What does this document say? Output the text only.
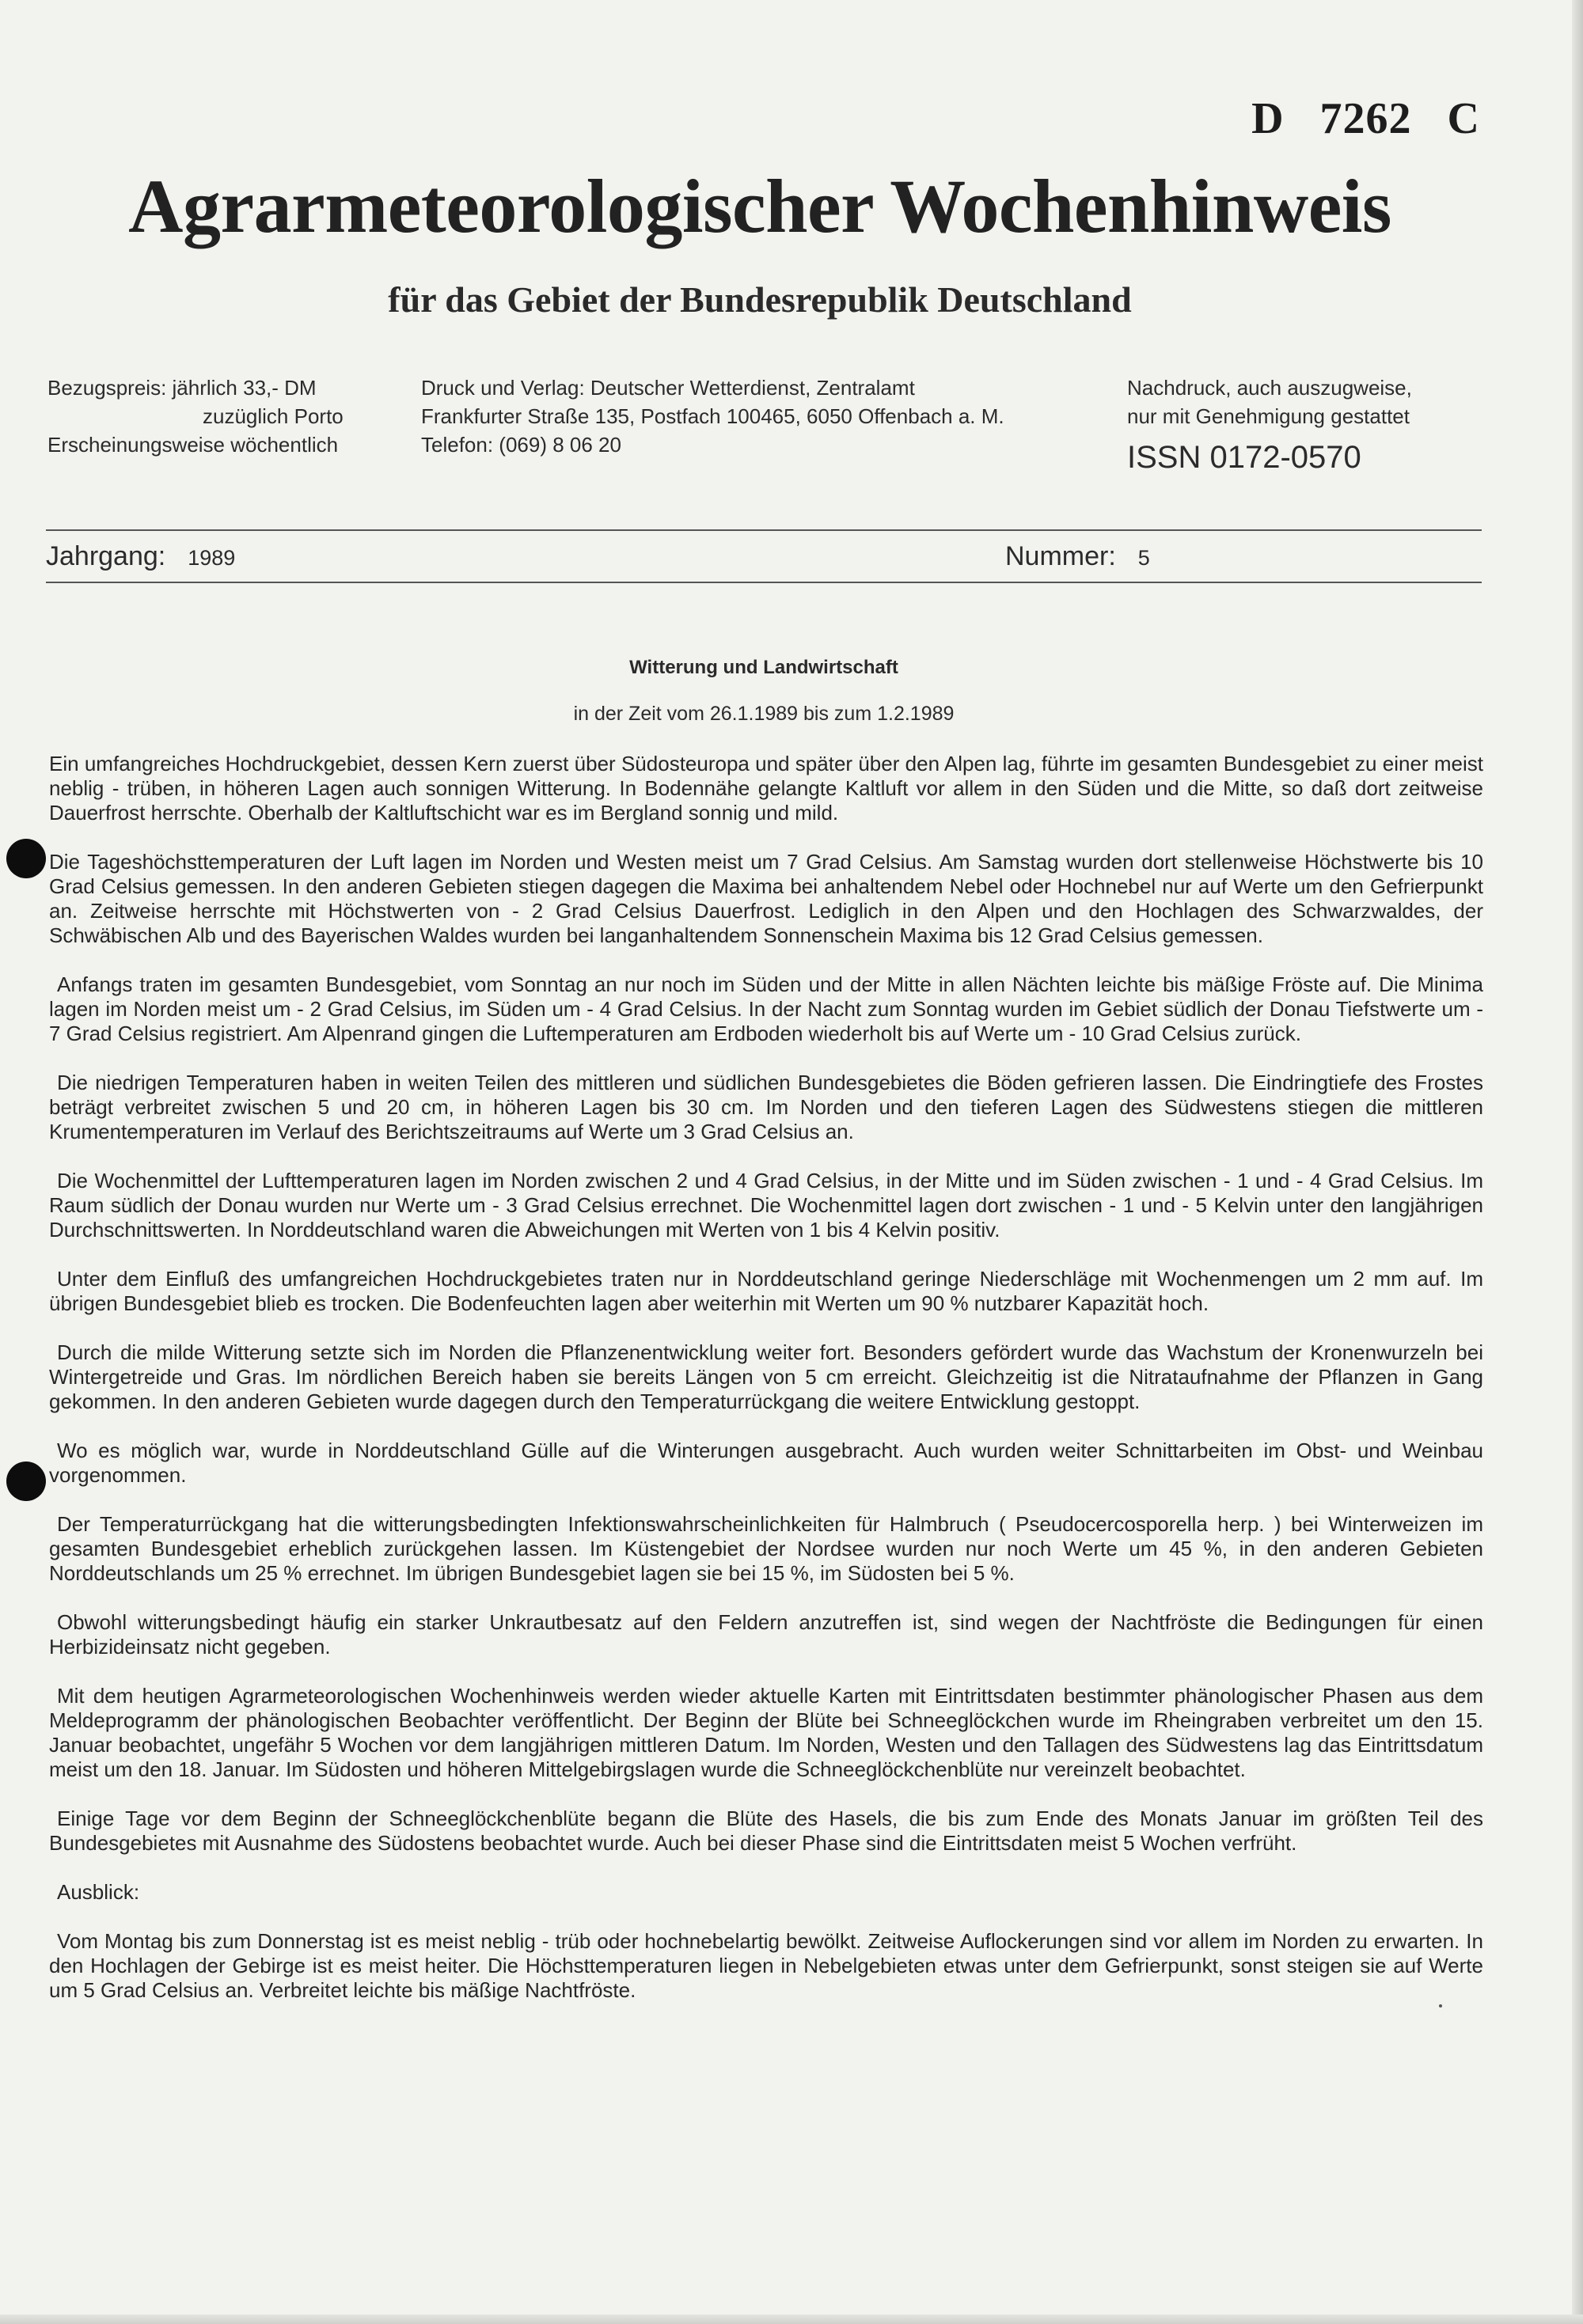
D 7262 C
Agrarmeteorologischer Wochenhinweis
für das Gebiet der Bundesrepublik Deutschland
Bezugspreis: jährlich 33,- DM
zuzüglich Porto
Erscheinungsweise wöchentlich
Druck und Verlag: Deutscher Wetterdienst, Zentralamt
Frankfurter Straße 135, Postfach 100465, 6050 Offenbach a. M.
Telefon: (069) 8 06 20
Nachdruck, auch auszugweise,
nur mit Genehmigung gestattet
ISSN 0172-0570
Jahrgang: 1989	Nummer: 5
Witterung und Landwirtschaft
in der Zeit vom 26.1.1989 bis zum 1.2.1989

Ein umfangreiches Hochdruckgebiet, dessen Kern zuerst über Südosteuropa und später über den Alpen lag, führte im gesamten Bundesgebiet zu einer meist neblig - trüben, in höheren Lagen auch sonnigen Witterung. In Bodennähe gelangte Kaltluft vor allem in den Süden und die Mitte, so daß dort zeitweise Dauerfrost herrschte. Oberhalb der Kaltluftschicht war es im Bergland sonnig und mild.

Die Tageshöchsttemperaturen der Luft lagen im Norden und Westen meist um 7 Grad Celsius. Am Samstag wurden dort stellenweise Höchstwerte bis 10 Grad Celsius gemessen. In den anderen Gebieten stiegen dagegen die Maxima bei anhaltendem Nebel oder Hochnebel nur auf Werte um den Gefrierpunkt an. Zeitweise herrschte mit Höchstwerten von - 2 Grad Celsius Dauerfrost. Lediglich in den Alpen und den Hochlagen des Schwarzwaldes, der Schwäbischen Alb und des Bayerischen Waldes wurden bei langanhaltendem Sonnenschein Maxima bis 12 Grad Celsius gemessen.

Anfangs traten im gesamten Bundesgebiet, vom Sonntag an nur noch im Süden und der Mitte in allen Nächten leichte bis mäßige Fröste auf. Die Minima lagen im Norden meist um - 2 Grad Celsius, im Süden um - 4 Grad Celsius. In der Nacht zum Sonntag wurden im Gebiet südlich der Donau Tiefstwerte um - 7 Grad Celsius registriert. Am Alpenrand gingen die Luftemperaturen am Erdboden wiederholt bis auf Werte um - 10 Grad Celsius zurück.

Die niedrigen Temperaturen haben in weiten Teilen des mittleren und südlichen Bundesgebietes die Böden gefrieren lassen. Die Eindringtiefe des Frostes beträgt verbreitet zwischen 5 und 20 cm, in höheren Lagen bis 30 cm. Im Norden und den tieferen Lagen des Südwestens stiegen die mittleren Krumentemperaturen im Verlauf des Berichtszeitraums auf Werte um 3 Grad Celsius an.

Die Wochenmittel der Lufttemperaturen lagen im Norden zwischen 2 und 4 Grad Celsius, in der Mitte und im Süden zwischen - 1 und - 4 Grad Celsius. Im Raum südlich der Donau wurden nur Werte um - 3 Grad Celsius errechnet. Die Wochenmittel lagen dort zwischen - 1 und - 5 Kelvin unter den langjährigen Durchschnittswerten. In Norddeutschland waren die Abweichungen mit Werten von 1 bis 4 Kelvin positiv.

Unter dem Einfluß des umfangreichen Hochdruckgebietes traten nur in Norddeutschland geringe Niederschläge mit Wochenmengen um 2 mm auf. Im übrigen Bundesgebiet blieb es trocken. Die Bodenfeuchten lagen aber weiterhin mit Werten um 90 % nutzbarer Kapazität hoch.

Durch die milde Witterung setzte sich im Norden die Pflanzenentwicklung weiter fort. Besonders gefördert wurde das Wachstum der Kronenwurzeln bei Wintergetreide und Gras. Im nördlichen Bereich haben sie bereits Längen von 5 cm erreicht. Gleichzeitig ist die Nitrataufnahme der Pflanzen in Gang gekommen. In den anderen Gebieten wurde dagegen durch den Temperaturrückgang die weitere Entwicklung gestoppt.

Wo es möglich war, wurde in Norddeutschland Gülle auf die Winterungen ausgebracht. Auch wurden weiter Schnittarbeiten im Obst- und Weinbau vorgenommen.

Der Temperaturrückgang hat die witterungsbedingten Infektionswahrscheinlichkeiten für Halmbruch ( Pseudocercosporella herp. ) bei Winterweizen im gesamten Bundesgebiet erheblich zurückgehen lassen. Im Küstengebiet der Nordsee wurden nur noch Werte um 45 %, in den anderen Gebieten Norddeutschlands um 25 % errechnet. Im übrigen Bundesgebiet lagen sie bei 15 %, im Südosten bei 5 %.

Obwohl witterungsbedingt häufig ein starker Unkrautbesatz auf den Feldern anzutreffen ist, sind wegen der Nachtfröste die Bedingungen für einen Herbizideinsatz nicht gegeben.

Mit dem heutigen Agrarmeteorologischen Wochenhinweis werden wieder aktuelle Karten mit Eintrittsdaten bestimmter phänologischer Phasen aus dem Meldeprogramm der phänologischen Beobachter veröffentlicht. Der Beginn der Blüte bei Schneeglöckchen wurde im Rheingraben verbreitet um den 15. Januar beobachtet, ungefähr 5 Wochen vor dem langjährigen mittleren Datum. Im Norden, Westen und den Tallagen des Südwestens lag das Eintrittsdatum meist um den 18. Januar. Im Südosten und höheren Mittelgebirgslagen wurde die Schneeglöckchenblüte nur vereinzelt beobachtet.

Einige Tage vor dem Beginn der Schneeglöckchenblüte begann die Blüte des Hasels, die bis zum Ende des Monats Januar im größten Teil des Bundesgebietes mit Ausnahme des Südostens beobachtet wurde. Auch bei dieser Phase sind die Eintrittsdaten meist 5 Wochen verfrüht.

Ausblick:

Vom Montag bis zum Donnerstag ist es meist neblig - trüb oder hochnebelartig bewölkt. Zeitweise Auflockerungen sind vor allem im Norden zu erwarten. In den Hochlagen der Gebirge ist es meist heiter. Die Höchsttemperaturen liegen in Nebelgebieten etwas unter dem Gefrierpunkt, sonst steigen sie auf Werte um 5 Grad Celsius an. Verbreitet leichte bis mäßige Nachtfröste.
